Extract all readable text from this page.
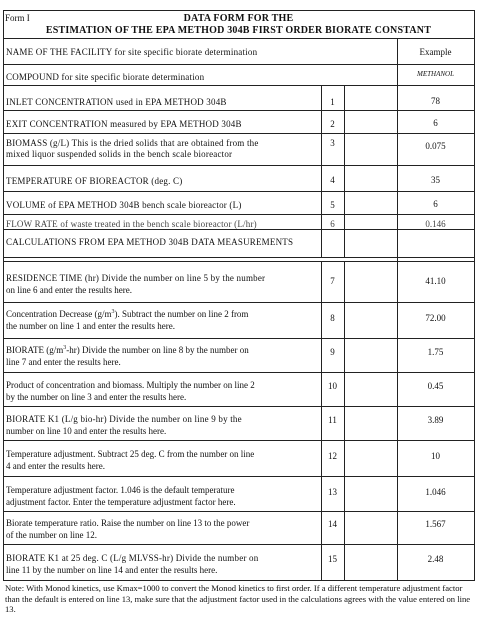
Form I	DATA FORM FOR THE
ESTIMATION OF THE EPA METHOD 304B FIRST ORDER BIORATE CONSTANT
NAME OF THE FACILITY for site specific biorate determination	Example
COMPOUND for site specific biorate determination	METHANOL
INLET CONCENTRATION used in EPA METHOD 304B	1	78
EXIT CONCENTRATION measured by EPA METHOD 304B	2	6
BIOMASS (g/L) This is the dried solids that are obtained from the
mixed liquor suspended solids in the bench scale bioreactor
3	0.075
TEMPERATURE OF BIOREACTOR (deg. C)	4	35
VOLUME of EPA METHOD 304B bench scale bioreactor (L)	5	6
FLOW RATE of waste treated in the bench scale bioreactor (L/hr)	6	0.146
CALCULATIONS FROM EPA METHOD 304B DATA MEASUREMENTS
RESIDENCE TIME (hr) Divide the number on line 5 by the number
on line 6 and enter the results here.
7	41.10
Concentration Decrease $(g/m^3)$. Subtract the number on line 2 from
the number on line 1 and enter the results here.
8	72.00
BIORATE $(g/m^3-hr)$ Divide the number on line 8 by the number on
line 7 and enter the results here.
9	1.75
Product of concentration and biomass. Multiply the number on line 2
by the number on line 3 and enter the results here.
10	0.45
BIORATE K1 (L/g bio-hr) Divide the number on line 9 by the
number on line 10 and enter the results here.
11	3.89
Temperature adjustment. Subtract 25 deg. C from the number on line
4 and enter the results here.
12	10
Temperature adjustment factor. 1.046 is the default temperature
adjustment factor. Enter the temperature adjustment factor here.
13	1.046
Biorate temperature ratio. Raise the number on line 13 to the power
of the number on line 12.
14	1.567
BIORATE K1 at 25 deg. C (L/g MLVSS-hr) Divide the number on
line 11 by the number on line 14 and enter the results here.
15	2.48
Note: With Monod kinetics, use Kmax=1000 to convert the Monod kinetics to first order. If a different temperature adjustment factor than the default is entered on line 13, make sure that the adjustment factor used in the calculations agrees with the value entered on line 13.
